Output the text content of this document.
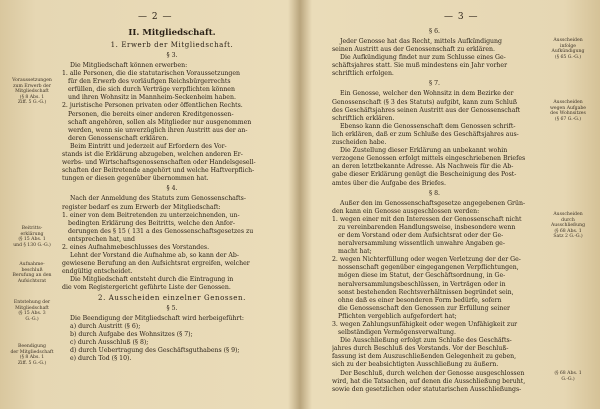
— 2 —
Voraussetzungen
zum Erwerb der
Mitgliedschaft
(§ 8 Abs. 1
Ziff. 5 G.-G.)
Beitritts-
erklärung
(§ 15 Abs. 1
und § 130 G.-G.)
Aufnahme-
beschluß
Berufung an den
Aufsichtsrat
Entstehung der
Mitgliedschaft
(§ 15 Abs. 3
G.-G.)
Beendigung
der Mitgliedschaft
(§ 8 Abs. 1
Ziff. 5 G.-G.)
II. Mitgliedschaft.
1. Erwerb der Mitgliedschaft.
§ 3.
Die Mitgliedschaft können erwerben:
1. alle Personen, die die statutarischen Voraussetzungen
für den Erwerb des vorläufigen Reichsbürgerrechts
erfüllen, die sich durch Verträge verpflichten können
und ihren Wohnsitz in Mannheim-Seckenheim haben.
2. juristische Personen privaten oder öffentlichen Rechts.
Personen, die bereits einer anderen Kreditgenossen-
schaft angehören, sollen als Mitglieder nur ausgenommen
werden, wenn sie unverzüglich ihren Austritt aus der an-
deren Genossenschaft erklären.
Beim Eintritt und jederzeit auf Erfordern des Vor-
stands ist die Erklärung abzugeben, welchen anderen Er-
werbs- und Wirtschaftsgenossenschaften oder Handelsgesell-
schaften der Beitretende angehört und welche Haftverpflich-
tungen er diesen gegenüber übernommen hat.
§ 4.
Nach der Anmeldung des Statuts zum Genossenschafts-
register bedarf es zum Erwerb der Mitgliedschaft:
1. einer von dem Beitretenden zu unterzeichnenden, un-
bedingten Erklärung des Beitritts, welche den Anfor-
derungen des § 15 ( 131 a des Genossenschaftsgesetzes zu
entsprechen hat, und
2. eines Aufnahmebeschlusses des Vorstandes.
Lehnt der Vorstand die Aufnahme ab, so kann der Ab-
gewiesene Berufung an den Aufsichtsrat ergreifen, welcher
endgültig entscheidet.
Die Mitgliedschaft entsteht durch die Eintragung in
die vom Registergericht geführte Liste der Genossen.
2. Ausscheiden einzelner Genossen.
§ 5.
Die Beendigung der Mitgliedschaft wird herbeigeführt:
a) durch Austritt (§ 6);
b) durch Aufgabe des Wohnsitzes (§ 7);
c) durch Ausschluß (§ 8);
d) durch Uebertragung des Geschäftsguthabens (§ 9);
e) durch Tod (§ 10).
— 3 —
Ausscheiden
infolge
Aufkündigung
(§ 65 G.-G.)
Ausscheiden
wegen Aufgabe
des Wohnsitzes
(§ 67 G.-G.)
Ausscheiden
durch
Ausschließung
(§ 68 Abs. 1
Satz 2 G.-G.)
(§ 68 Abs. 1
G.-G.)
§ 6.
Jeder Genosse hat das Recht, mittels Aufkündigung
seinen Austritt aus der Genossenschaft zu erklären.
Die Aufkündigung findet nur zum Schlusse eines Ge-
schäftsjahres statt. Sie muß mindestens ein Jahr vorher
schriftlich erfolgen.
§ 7.
Ein Genosse, welcher den Wohnsitz in dem Bezirke der
Genossenschaft (§ 3 des Statuts) aufgibt, kann zum Schluß
des Geschäftsjahres seinen Austritt aus der Genossenschaft
schriftlich erklären.
Ebenso kann die Genossenschaft dem Genossen schrift-
lich erklären, daß er zum Schluße des Geschäftsjahres aus-
zuscheiden habe.
Die Zustellung dieser Erklärung an unbekannt wohin
verzogene Genossen erfolgt mittels eingeschriebenen Briefes
an deren letztbekannte Adresse. Als Nachweis für die Ab-
gabe dieser Erklärung genügt die Bescheinigung des Post-
amtes über die Aufgabe des Briefes.
§ 8.
Außer den im Genossenschaftsgesetze angegebenen Grün-
den kann ein Genosse ausgeschlossen werden:
1. wegen einer mit den Interessen der Genossenschaft nicht
zu vereinbarenden Handlungsweise, insbesondere wenn
er dem Vorstand oder dem Aufsichtsrat oder der Ge-
neralversammlung wissentlich unwahre Angaben ge-
macht hat;
2. wegen Nichterfüllung oder wegen Verletzung der der Ge-
nossenschaft gegenüber eingegangenen Verpflichtungen,
mögen diese im Statut, der Geschäftsordnung, in Ge-
neralversammlungsbeschlüssen, in Verträgen oder in
sonst bestehenden Rechtsverhältnissen begründet sein,
ohne daß es einer besonderen Form bedürfe, sofern
die Genossenschaft den Genossen zur Erfüllung seiner
Pflichten vergeblich aufgefordert hat;
3. wegen Zahlungsunfähigkeit oder wegen Unfähigkeit zur
selbständigen Vermögensverwaltung.
Die Ausschließung erfolgt zum Schluße des Geschäfts-
jahres durch Beschluß des Vorstands. Vor der Beschluß-
fassung ist dem Auszuschließenden Gelegenheit zu geben,
sich zu der beabsichtigten Ausschließung zu äußern.
Der Beschluß, durch welchen der Genosse ausgeschlossen
wird, hat die Tatsachen, auf denen die Ausschließung beruht,
sowie den gesetzlichen oder statutarischen Ausschließungs-
